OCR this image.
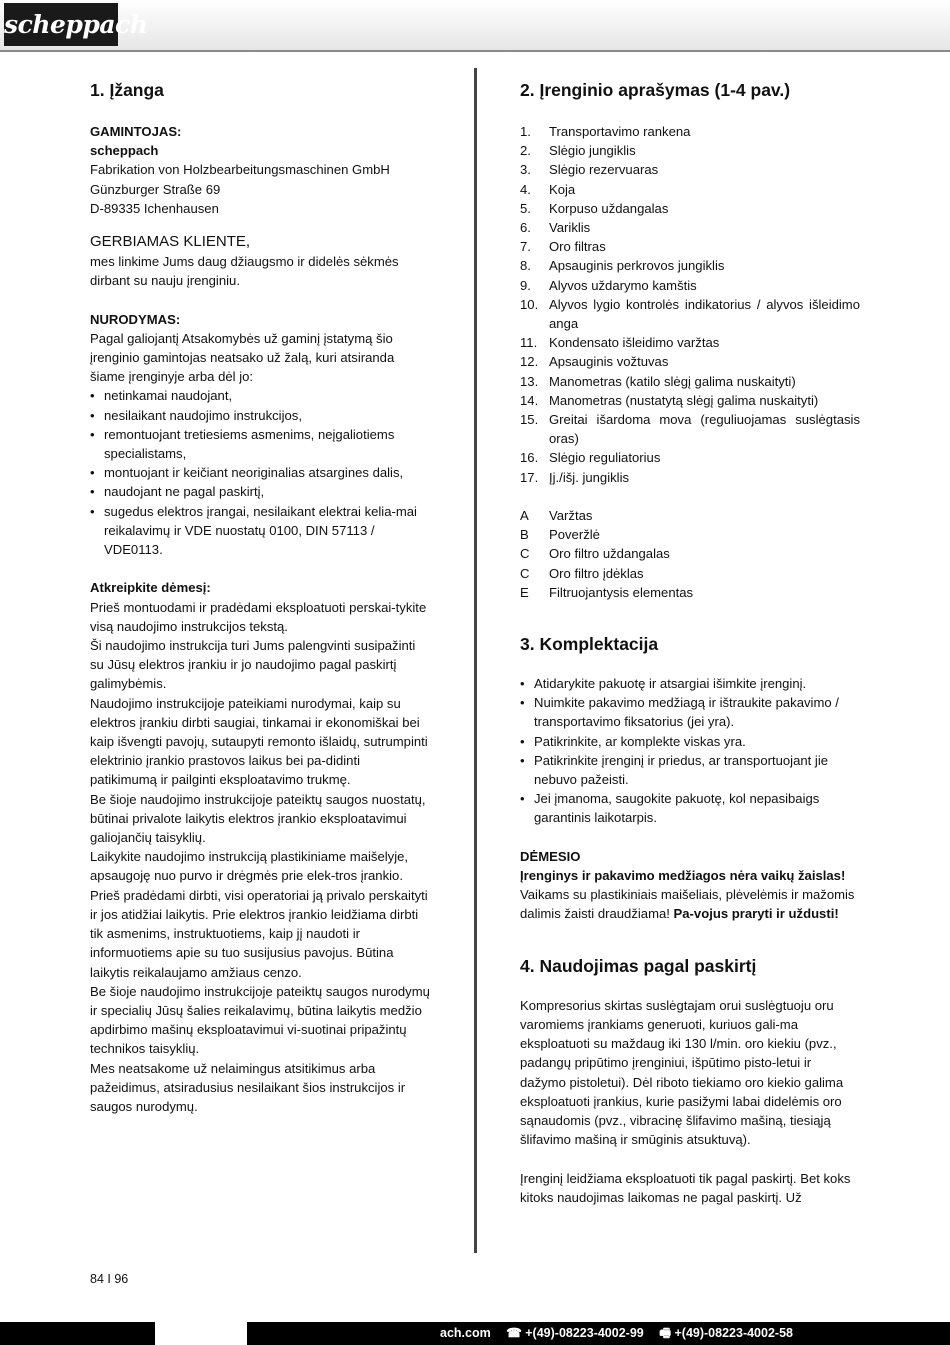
scheppach
1. Įžanga

GAMINTOJAS:

scheppach

Fabrikation von Holzbearbeitungsmaschinen GmbH

Günzburger Straße 69

D-89335 Ichenhausen

GERBIAMAS KLIENTE,

mes linkime Jums daug džiaugsmo ir didelės sėkmės dirbant su nauju įrenginiu.

NURODYMAS:

Pagal galiojantį Atsakomybės už gaminį įstatymą šio įrenginio gamintojas neatsako už žalą, kuri atsiranda šiame įrenginyje arba dėl jo:

• netinkamai naudojant,
• nesilaikant naudojimo instrukcijos,
• remontuojant tretiesiems asmenims, neįgaliotiems specialistams,
• montuojant ir keičiant neoriginalias atsargines dalis,
• naudojant ne pagal paskirtį,
• sugedus elektros įrangai, nesilaikant elektrai kelia-mai reikalavimų ir VDE nuostatų 0100, DIN 57113 / VDE0113.

Atkreipkite dėmesį:

Prieš montuodami ir pradėdami eksploatuoti perskai-tykite visą naudojimo instrukcijos tekstą.

Ši naudojimo instrukcija turi Jums palengvinti susipažinti su Jūsų elektros įrankiu ir jo naudojimo pagal paskirtį galimybėmis.

Naudojimo instrukcijoje pateikiami nurodymai, kaip su elektros įrankiu dirbti saugiai, tinkamai ir ekonomiškai bei kaip išvengti pavojų, sutaupyti remonto išlaidų, sutrumpinti elektrinio įrankio prastovos laikus bei pa-didinti patikimumą ir pailginti eksploatavimo trukmę.

Be šioje naudojimo instrukcijoje pateiktų saugos nuostatų, būtinai privalote laikytis elektros įrankio eksploatavimui galiojančių taisyklių.

Laikykite naudojimo instrukciją plastikiniame maišelyje, apsaugoję nuo purvo ir drėgmės prie elek-tros įrankio. Prieš pradėdami dirbti, visi operatoriai ją privalo perskaityti ir jos atidžiai laikytis. Prie elektros įrankio leidžiama dirbti tik asmenims, instruktuotiems, kaip jį naudoti ir informuotiems apie su tuo susijusius pavojus. Būtina laikytis reikalaujamo amžiaus cenzo.

Be šioje naudojimo instrukcijoje pateiktų saugos nurodymų ir specialių Jūsų šalies reikalavimų, būtina laikytis medžio apdirbimo mašinų eksploatavimui vi-suotinai pripažintų technikos taisyklių.

Mes neatsakome už nelaimingus atsitikimus arba pažeidimus, atsiradusius nesilaikant šios instrukcijos ir saugos nurodymų.

2. Įrenginio aprašymas (1-4 pav.)
1.	Transportavimo rankena
2.	Slėgio jungiklis
3.	Slėgio rezervuaras
4.	Koja
5.	Korpuso uždangalas
6.	Variklis
7.	Oro filtras
8.	Apsauginis perkrovos jungiklis
9.	Alyvos uždarymo kamštis
10. Alyvos lygio kontrolės indikatorius / alyvos išleidimo anga
11. Kondensato išleidimo varžtas
12. Apsauginis vožtuvas
13. Manometras (katilo slėgį galima nuskaityti)
14. Manometras (nustatytą slėgį galima nuskaityti)
15. Greitai išardoma mova (reguliuojamas suslėgtasis oras)
16. Slėgio reguliatorius
17. Įj./išj. jungiklis
A	Varžtas
B	Poveržlė
C	Oro filtro uždangalas
C	Oro filtro įdėklas
E	Filtruojantysis elementas
3. Komplektacija
• Atidarykite pakuotę ir atsargiai išimkite įrenginį.
• Nuimkite pakavimo medžiagą ir ištraukite pakavimo / transportavimo fiksatorius (jei yra).
• Patikrinkite, ar komplekte viskas yra.
• Patikrinkite įrenginį ir priedus, ar transportuojant jie nebuvo pažeisti.
• Jei įmanoma, saugokite pakuotę, kol nepasibaigs garantinis laikotarpis.

DĖMESIO

Įrenginys ir pakavimo medžiagos nėra vaikų žaislas! Vaikams su plastikiniais maišeliais, plėvelėmis ir mažomis dalimis žaisti draudžiama! Pa-vojus praryti ir uždusti!

4. Naudojimas pagal paskirtį

Kompresorius skirtas suslėgtajam orui suslėgtuoju oru varomiems įrankiams generuoti, kuriuos gali-ma eksploatuoti su maždaug iki 130 l/min. oro kiekiu (pvz., padangų pripūtimo įrenginiui, išpūtimo pisto-letui ir dažymo pistoletui). Dėl riboto tiekiamo oro kiekio galima eksploatuoti įrankius, kurie pasižymi labai didelėmis oro sąnaudomis (pvz., vibracinę šlifavimo mašiną, tiesiąją šlifavimo mašiną ir smūginis atsuktuvą).

Įrenginį leidžiama eksploatuoti tik pagal paskirtį. Bet koks kitoks naudojimas laikomas ne pagal paskirtį. Už

84 I 96
ach.com ☎ +(49)-08223-4002-99 🖷 +(49)-08223-4002-58
